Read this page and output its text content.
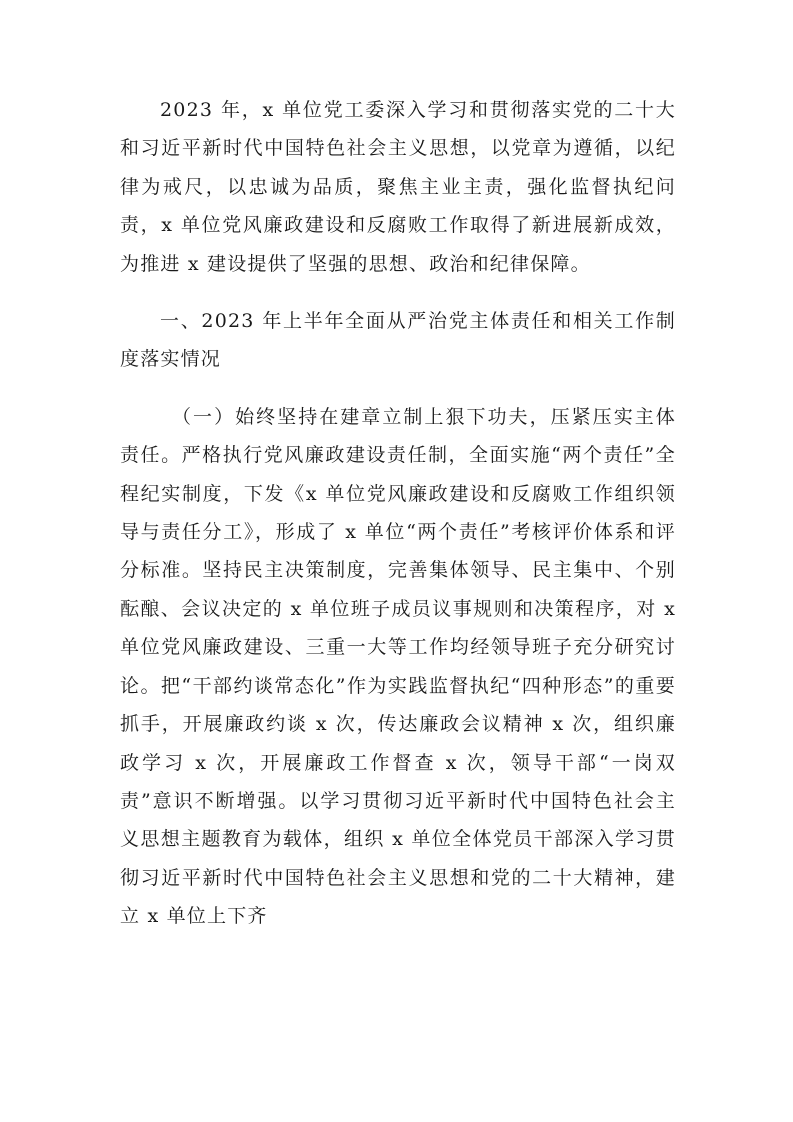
2023 年，x 单位党工委深入学习和贯彻落实党的二十大和习近平新时代中国特色社会主义思想，以党章为遵循，以纪律为戒尺，以忠诚为品质，聚焦主业主责，强化监督执纪问责，x 单位党风廉政建设和反腐败工作取得了新进展新成效，为推进 x 建设提供了坚强的思想、政治和纪律保障。

一、2023 年上半年全面从严治党主体责任和相关工作制度落实情况

（一）始终坚持在建章立制上狠下功夫，压紧压实主体责任。严格执行党风廉政建设责任制，全面实施“两个责任”全程纪实制度，下发《x 单位党风廉政建设和反腐败工作组织领导与责任分工》，形成了 x 单位“两个责任”考核评价体系和评分标准。坚持民主决策制度，完善集体领导、民主集中、个别酝酿、会议决定的 x 单位班子成员议事规则和决策程序，对 x 单位党风廉政建设、三重一大等工作均经领导班子充分研究讨论。把“干部约谈常态化”作为实践监督执纪“四种形态”的重要抓手，开展廉政约谈 x 次，传达廉政会议精神 x 次，组织廉政学习 x 次，开展廉政工作督查 x 次，领导干部“一岗双责”意识不断增强。以学习贯彻习近平新时代中国特色社会主义思想主题教育为载体，组织 x 单位全体党员干部深入学习贯彻习近平新时代中国特色社会主义思想和党的二十大精神，建立 x 单位上下齐
